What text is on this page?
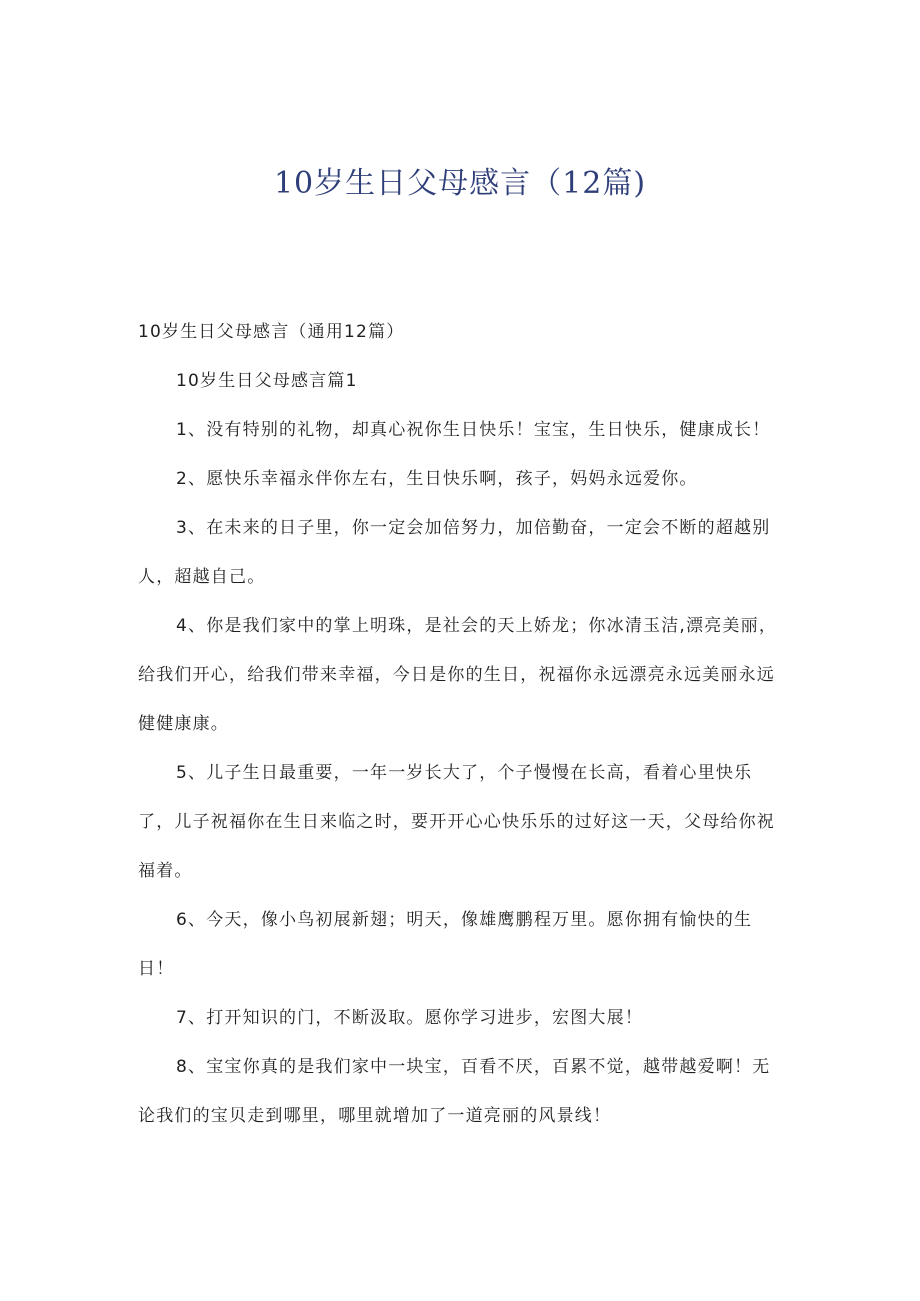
10岁生日父母感言（12篇)

10岁生日父母感言（通用12篇）

10岁生日父母感言篇1

1、没有特别的礼物，却真心祝你生日快乐！宝宝，生日快乐，健康成长！

2、愿快乐幸福永伴你左右，生日快乐啊，孩子，妈妈永远爱你。

3、在未来的日子里，你一定会加倍努力，加倍勤奋，一定会不断的超越别人，超越自己。

4、你是我们家中的掌上明珠，是社会的天上娇龙；你冰清玉洁,漂亮美丽，给我们开心，给我们带来幸福，今日是你的生日，祝福你永远漂亮永远美丽永远健健康康。

5、儿子生日最重要，一年一岁长大了，个子慢慢在长高，看着心里快乐了，儿子祝福你在生日来临之时，要开开心心快乐乐的过好这一天，父母给你祝福着。

6、今天，像小鸟初展新翅；明天，像雄鹰鹏程万里。愿你拥有愉快的生日！

7、打开知识的门，不断汲取。愿你学习进步，宏图大展！

8、宝宝你真的是我们家中一块宝，百看不厌，百累不觉，越带越爱啊！无论我们的宝贝走到哪里，哪里就增加了一道亮丽的风景线！
